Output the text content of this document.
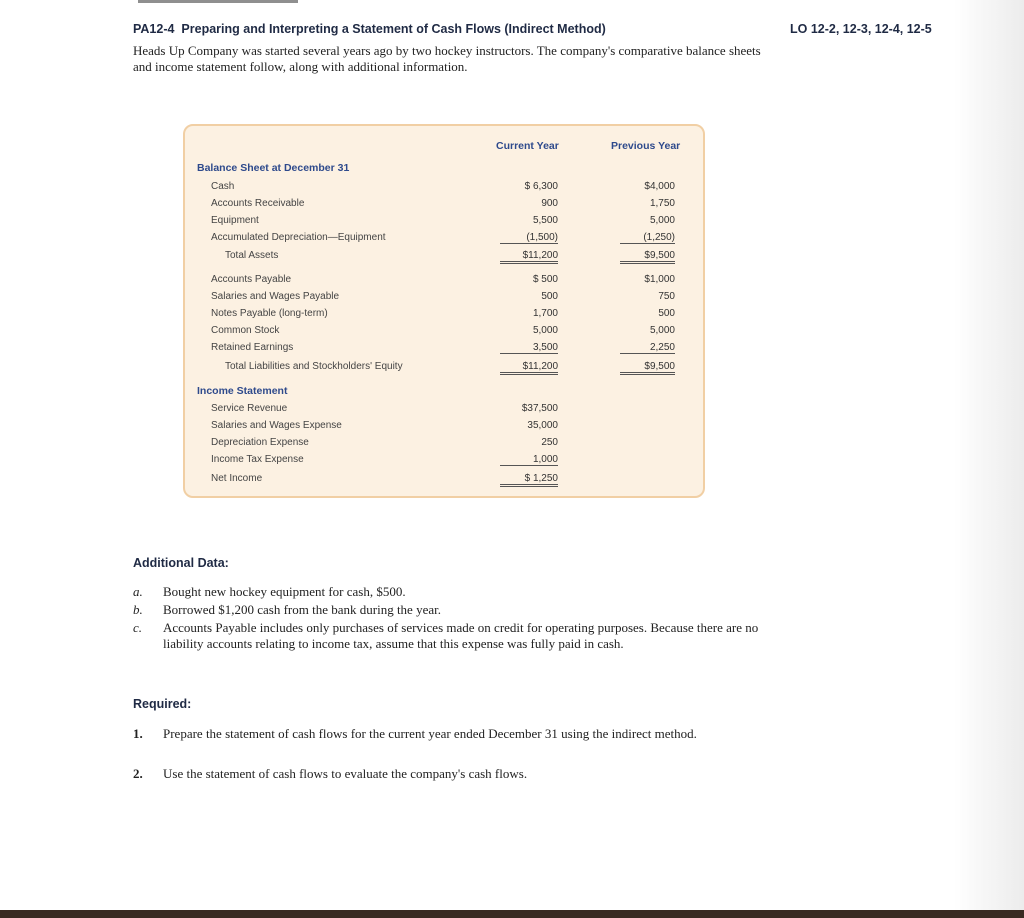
PA12-4 Preparing and Interpreting a Statement of Cash Flows (Indirect Method)	LO 12-2, 12-3, 12-4, 12-5
Heads Up Company was started several years ago by two hockey instructors. The company's comparative balance sheets and income statement follow, along with additional information.
Current Year	Previous Year
Balance Sheet at December 31
Cash	$ 6,300	$4,000
Accounts Receivable	900	1,750
Equipment	5,500	5,000
Accumulated Depreciation—Equipment	(1,500)	(1,250)
Total Assets	$11,200	$9,500
Accounts Payable	$ 500	$1,000
Salaries and Wages Payable	500	750
Notes Payable (long-term)	1,700	500
Common Stock	5,000	5,000
Retained Earnings	3,500	2,250
Total Liabilities and Stockholders' Equity	$11,200	$9,500
Income Statement
Service Revenue	$37,500
Salaries and Wages Expense	35,000
Depreciation Expense	250
Income Tax Expense	1,000
Net Income	$ 1,250
Additional Data:
a. Bought new hockey equipment for cash, $500.
b. Borrowed $1,200 cash from the bank during the year.
c. Accounts Payable includes only purchases of services made on credit for operating purposes. Because there are no liability accounts relating to income tax, assume that this expense was fully paid in cash.
Required:
1. Prepare the statement of cash flows for the current year ended December 31 using the indirect method.
2. Use the statement of cash flows to evaluate the company's cash flows.
